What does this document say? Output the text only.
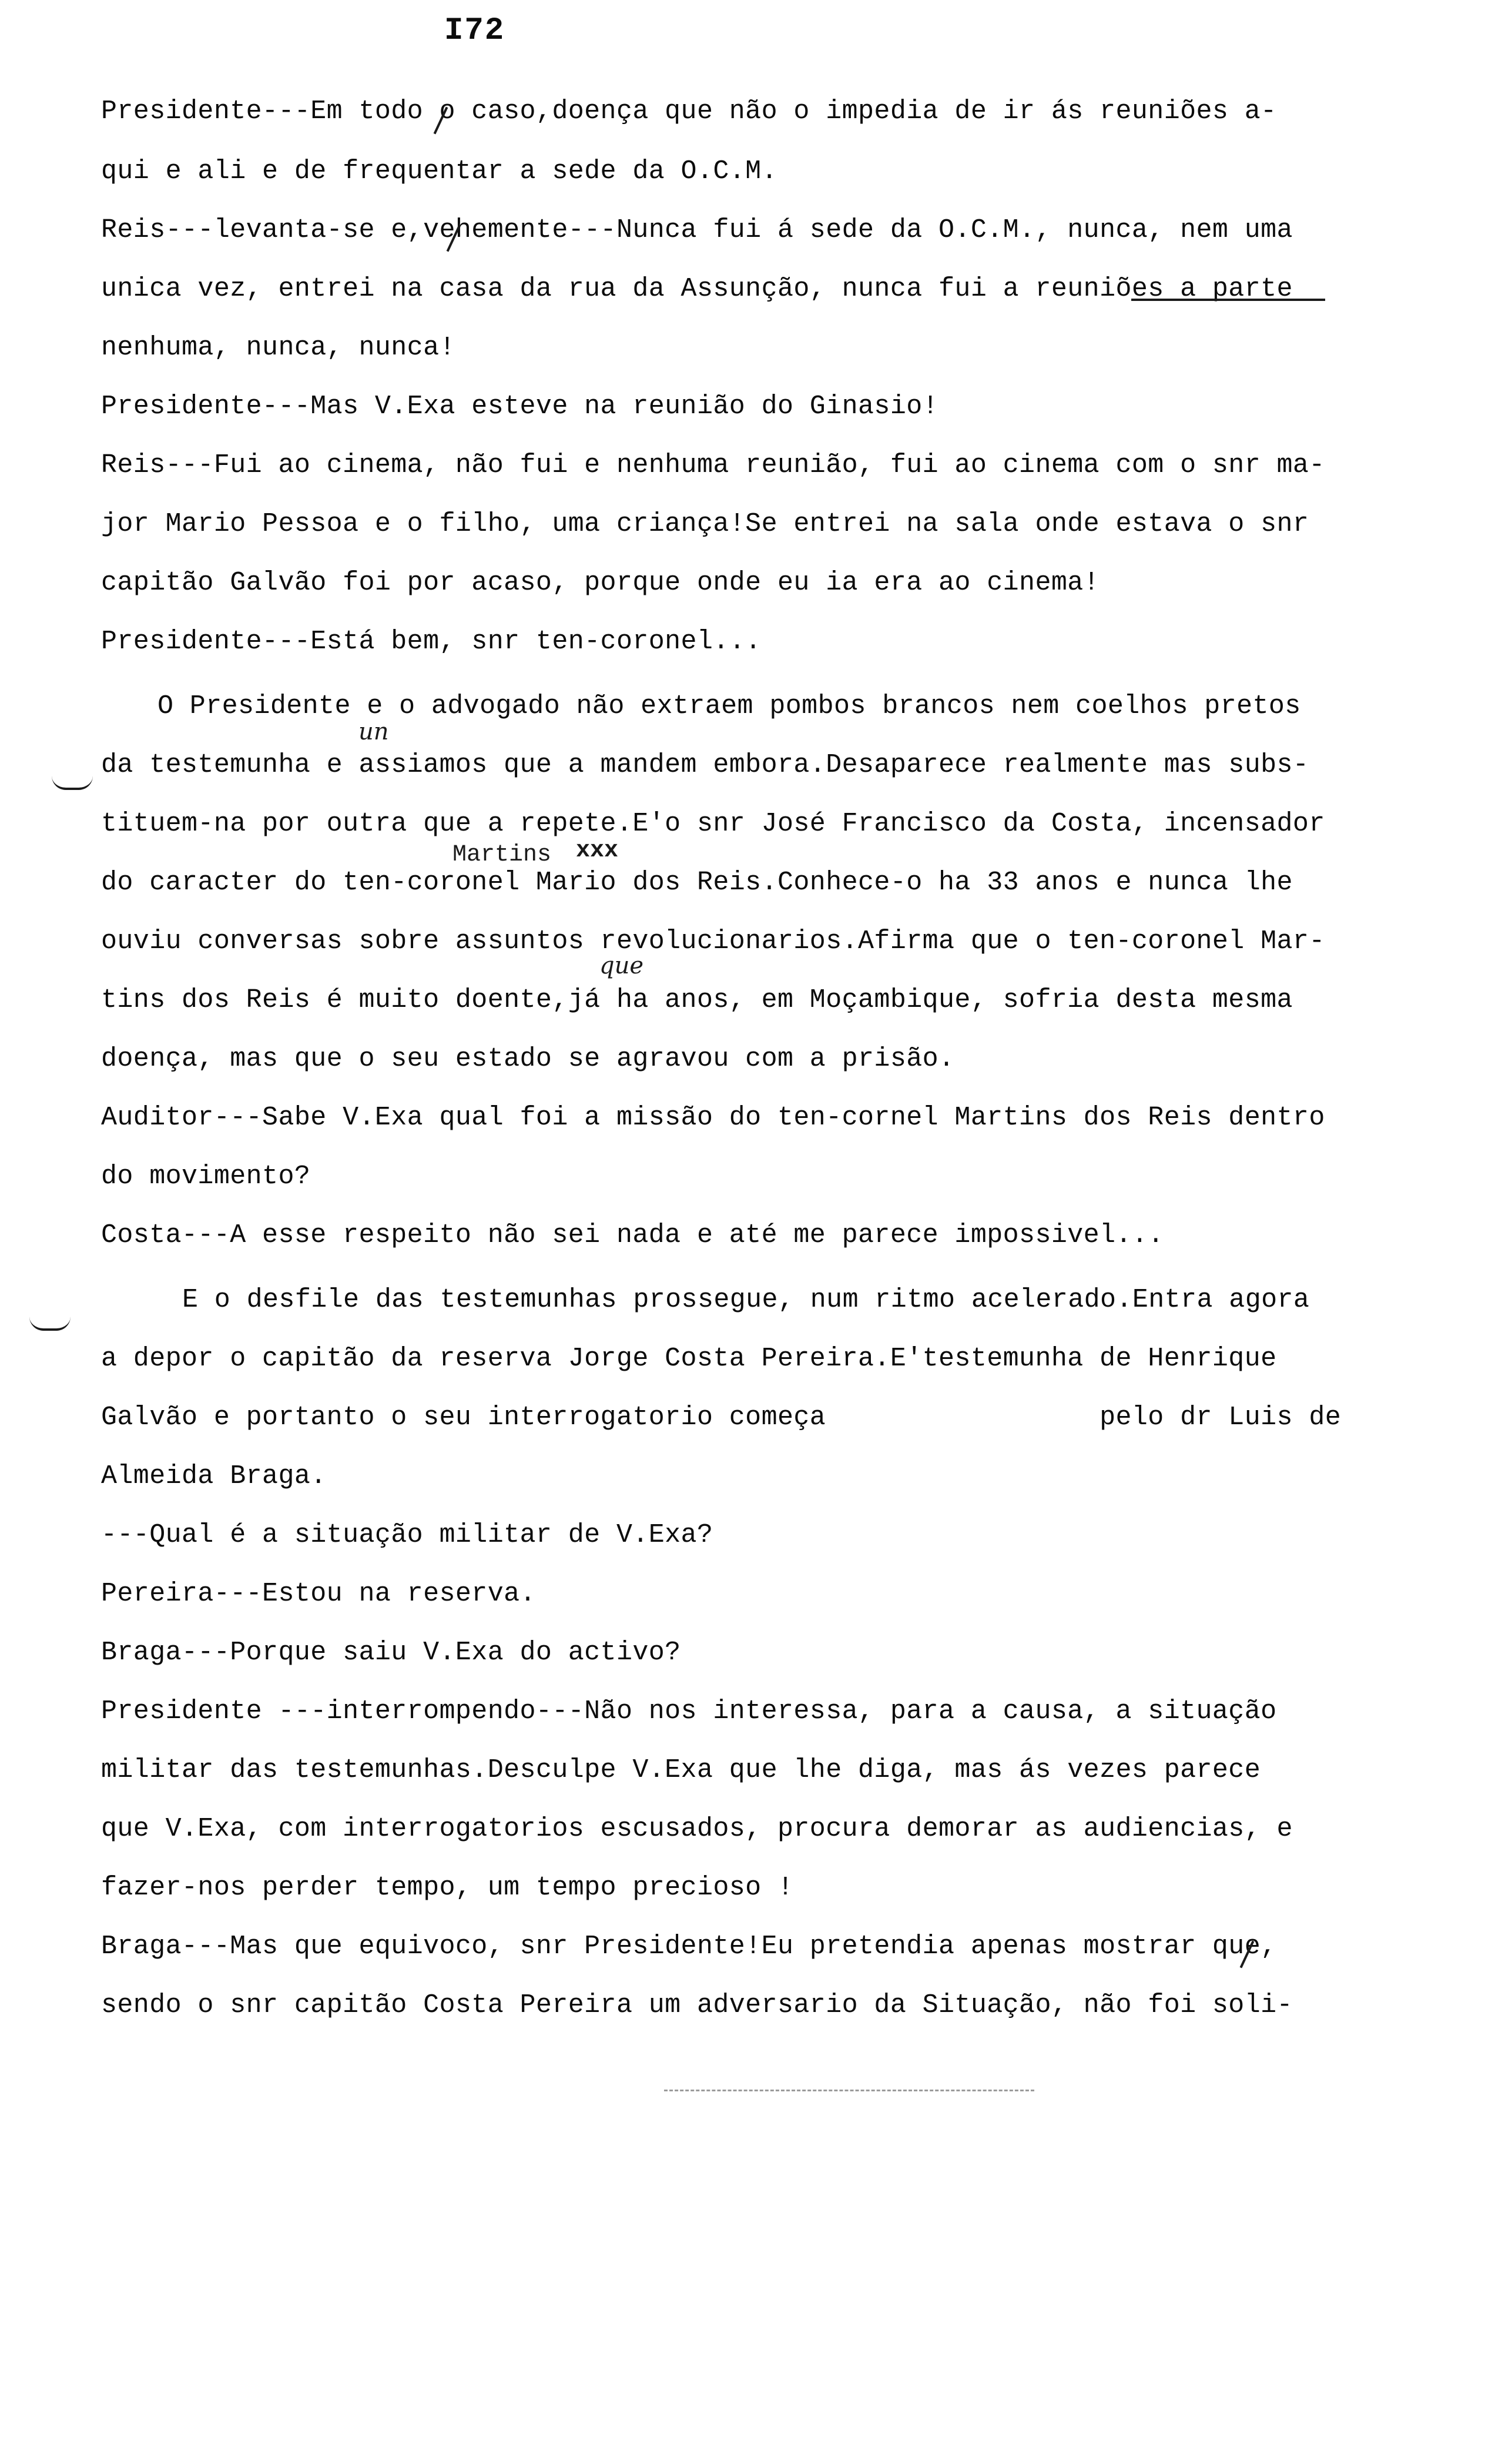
I72
Presidente---Em todo o caso,doença que não o impedia de ir ás reuniões a-
qui e ali e de frequentar a sede da O.C.M.
Reis---levanta-se e,vehemente---Nunca fui á sede da O.C.M., nunca, nem uma
unica vez, entrei na casa da rua da Assunção, nunca fui a reuniões a parte
nenhuma, nunca, nunca!
Presidente---Mas V.Exa esteve na reunião do Ginasio!
Reis---Fui ao cinema, não fui e nenhuma reunião, fui ao cinema com o snr ma-
jor Mario Pessoa e o filho, uma criança!Se entrei na sala onde estava o snr
capitão Galvão foi por acaso, porque onde eu ia era ao cinema!
Presidente---Está bem, snr ten-coronel...
O Presidente e o advogado não extraem pombos brancos nem coelhos pretos
da testemunha e assiamos que a mandem embora.Desaparece realmente mas subs-
tituem-na por outra que a repete.E'o snr José Francisco da Costa, incensador
do caracter do ten-coronel Mario dos Reis.Conhece-o ha 33 anos e nunca lhe
ouviu conversas sobre assuntos revolucionarios.Afirma que o ten-coronel Mar-
tins dos Reis é muito doente,já ha anos, em Moçambique, sofria desta mesma
doença, mas que o seu estado se agravou com a prisão.
Auditor---Sabe V.Exa qual foi a missão do ten-cornel Martins dos Reis dentro
do movimento?
Costa---A esse respeito não sei nada e até me parece impossivel...
E o desfile das testemunhas prossegue, num ritmo acelerado.Entra agora
a depor o capitão da reserva Jorge Costa Pereira.E'testemunha de Henrique
Galvão e portanto o seu interrogatorio começa                 pelo dr Luis de
Almeida Braga.
---Qual é a situação militar de V.Exa?
Pereira---Estou na reserva.
Braga---Porque saiu V.Exa do activo?
Presidente ---interrompendo---Não nos interessa, para a causa, a situação
militar das testemunhas.Desculpe V.Exa que lhe diga, mas ás vezes parece
que V.Exa, com interrogatorios escusados, procura demorar as audiencias, e
fazer-nos perder tempo, um tempo precioso !
Braga---Mas que equivoco, snr Presidente!Eu pretendia apenas mostrar que,
sendo o snr capitão Costa Pereira um adversario da Situação, não foi soli-
un
Martins xxx
que
